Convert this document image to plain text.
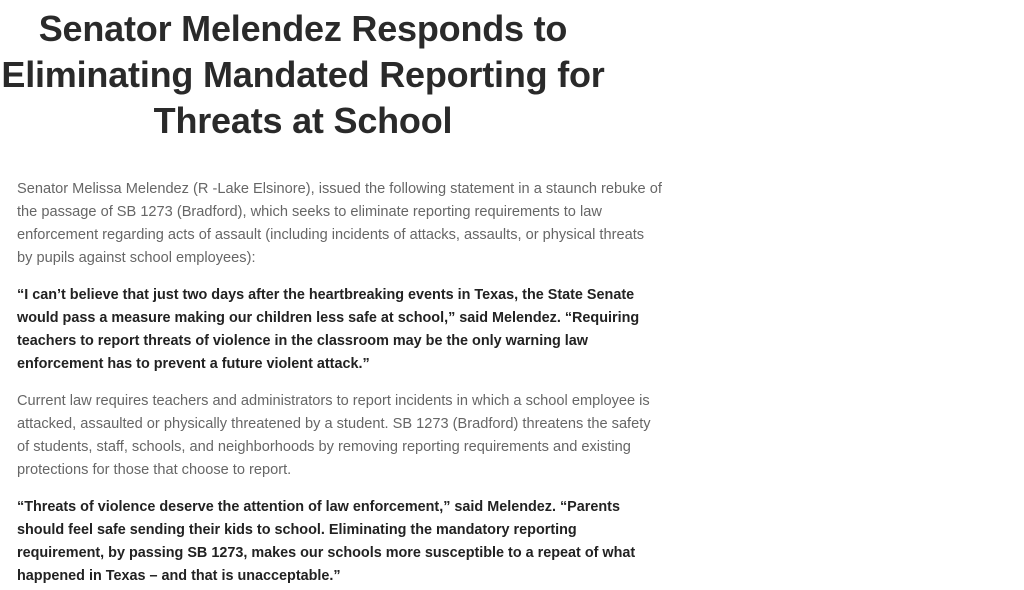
Senator Melendez Responds to Eliminating Mandated Reporting for Threats at School

Senator Melissa Melendez (R -Lake Elsinore), issued the following statement in a staunch rebuke of the passage of SB 1273 (Bradford), which seeks to eliminate reporting requirements to law enforcement regarding acts of assault (including incidents of attacks, assaults, or physical threats by pupils against school employees):

“I can’t believe that just two days after the heartbreaking events in Texas, the State Senate would pass a measure making our children less safe at school,” said Melendez. “Requiring teachers to report threats of violence in the classroom may be the only warning law enforcement has to prevent a future violent attack.”

Current law requires teachers and administrators to report incidents in which a school employee is attacked, assaulted or physically threatened by a student. SB 1273 (Bradford) threatens the safety of students, staff, schools, and neighborhoods by removing reporting requirements and existing protections for those that choose to report.

“Threats of violence deserve the attention of law enforcement,” said Melendez. “Parents should feel safe sending their kids to school. Eliminating the mandatory reporting requirement, by passing SB 1273, makes our schools more susceptible to a repeat of what happened in Texas – and that is unacceptable.”
